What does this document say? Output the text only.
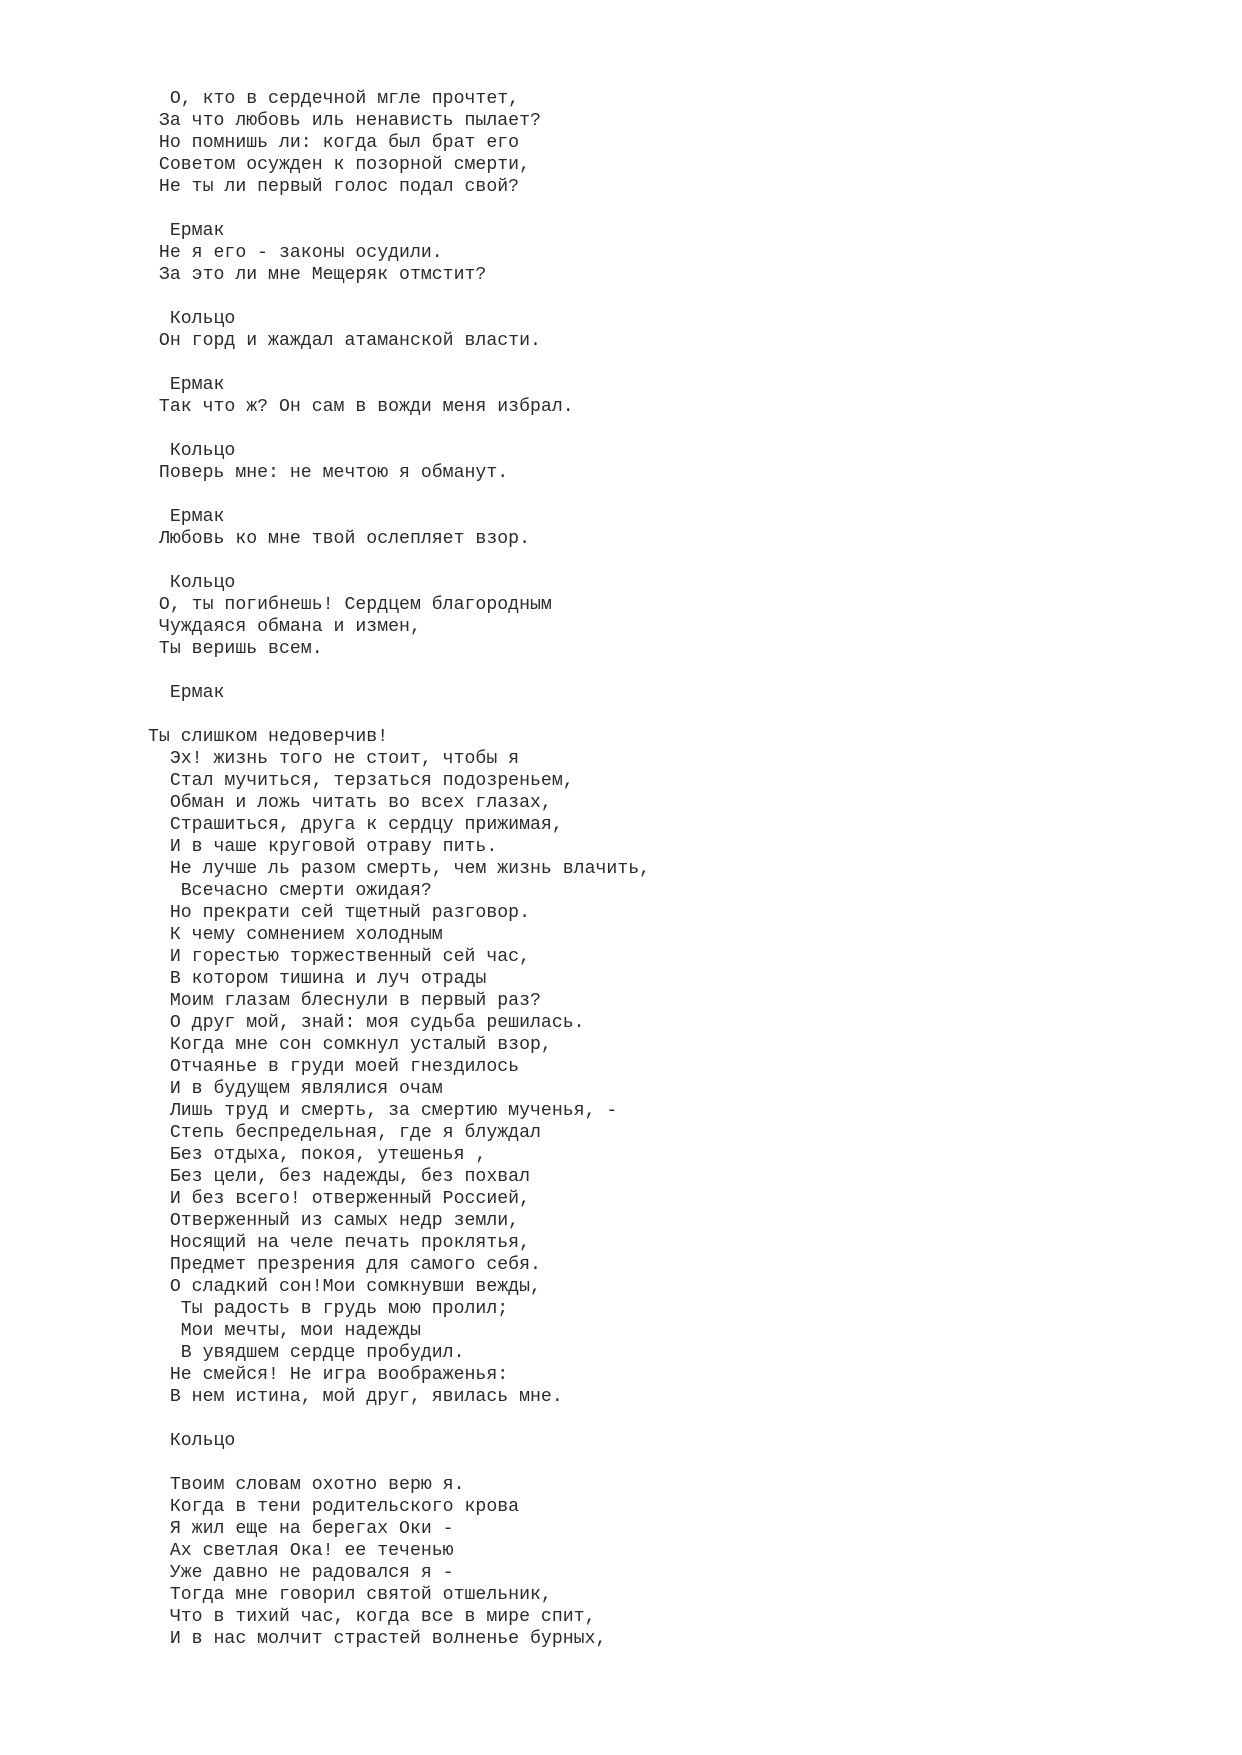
О, кто в сердечной мгле прочтет,
За что любовь иль ненависть пылает?
Но помнишь ли: когда был брат его
Советом осужден к позорной смерти,
Не ты ли первый голос подал свой?
Ермак
Не я его - законы осудили.
За это ли мне Мещеряк отмстит?
Кольцо
Он горд и жаждал атаманской власти.
Ермак
Так что ж? Он сам в вожди меня избрал.
Кольцо
Поверь мне: не мечтою я обманут.
Ермак
Любовь ко мне твой ослепляет взор.
Кольцо
О, ты погибнешь! Сердцем благородным
Чуждаяся обмана и измен,
Ты веришь всем.
Ермак
Ты слишком недоверчив!
Эх! жизнь того не стоит, чтобы я
Стал мучиться, терзаться подозреньем,
Обман и ложь читать во всех глазах,
Страшиться, друга к сердцу прижимая,
И в чаше круговой отраву пить.
Не лучше ль разом смерть, чем жизнь влачить,
Всечасно смерти ожидая?
Но прекрати сей тщетный разговор.
К чему сомнением холодным
И горестью торжественный сей час,
В котором тишина и луч отрады
Моим глазам блеснули в первый раз?
О друг мой, знай: моя судьба решилась.
Когда мне сон сомкнул усталый взор,
Отчаянье в груди моей гнездилось
И в будущем являлися очам
Лишь труд и смерть, за смертию мученья, -
Степь беспредельная, где я блуждал
Без отдыха, покоя, утешенья ,
Без цели, без надежды, без похвал
И без всего! отверженный Россией,
Отверженный из самых недр земли,
Носящий на челе печать проклятья,
Предмет презрения для самого себя.
О сладкий сон!Мои сомкнувши вежды,
Ты радость в грудь мою пролил;
Мои мечты, мои надежды
В увядшем сердце пробудил.
Не смейся! Не игра воображенья:
В нем истина, мой друг, явилась мне.
Кольцо
Твоим словам охотно верю я.
Когда в тени родительского крова
Я жил еще на берегах Оки -
Ах светлая Ока! ее теченью
Уже давно не радовался я -
Тогда мне говорил святой отшельник,
Что в тихий час, когда все в мире спит,
И в нас молчит страстей волненье бурных,
